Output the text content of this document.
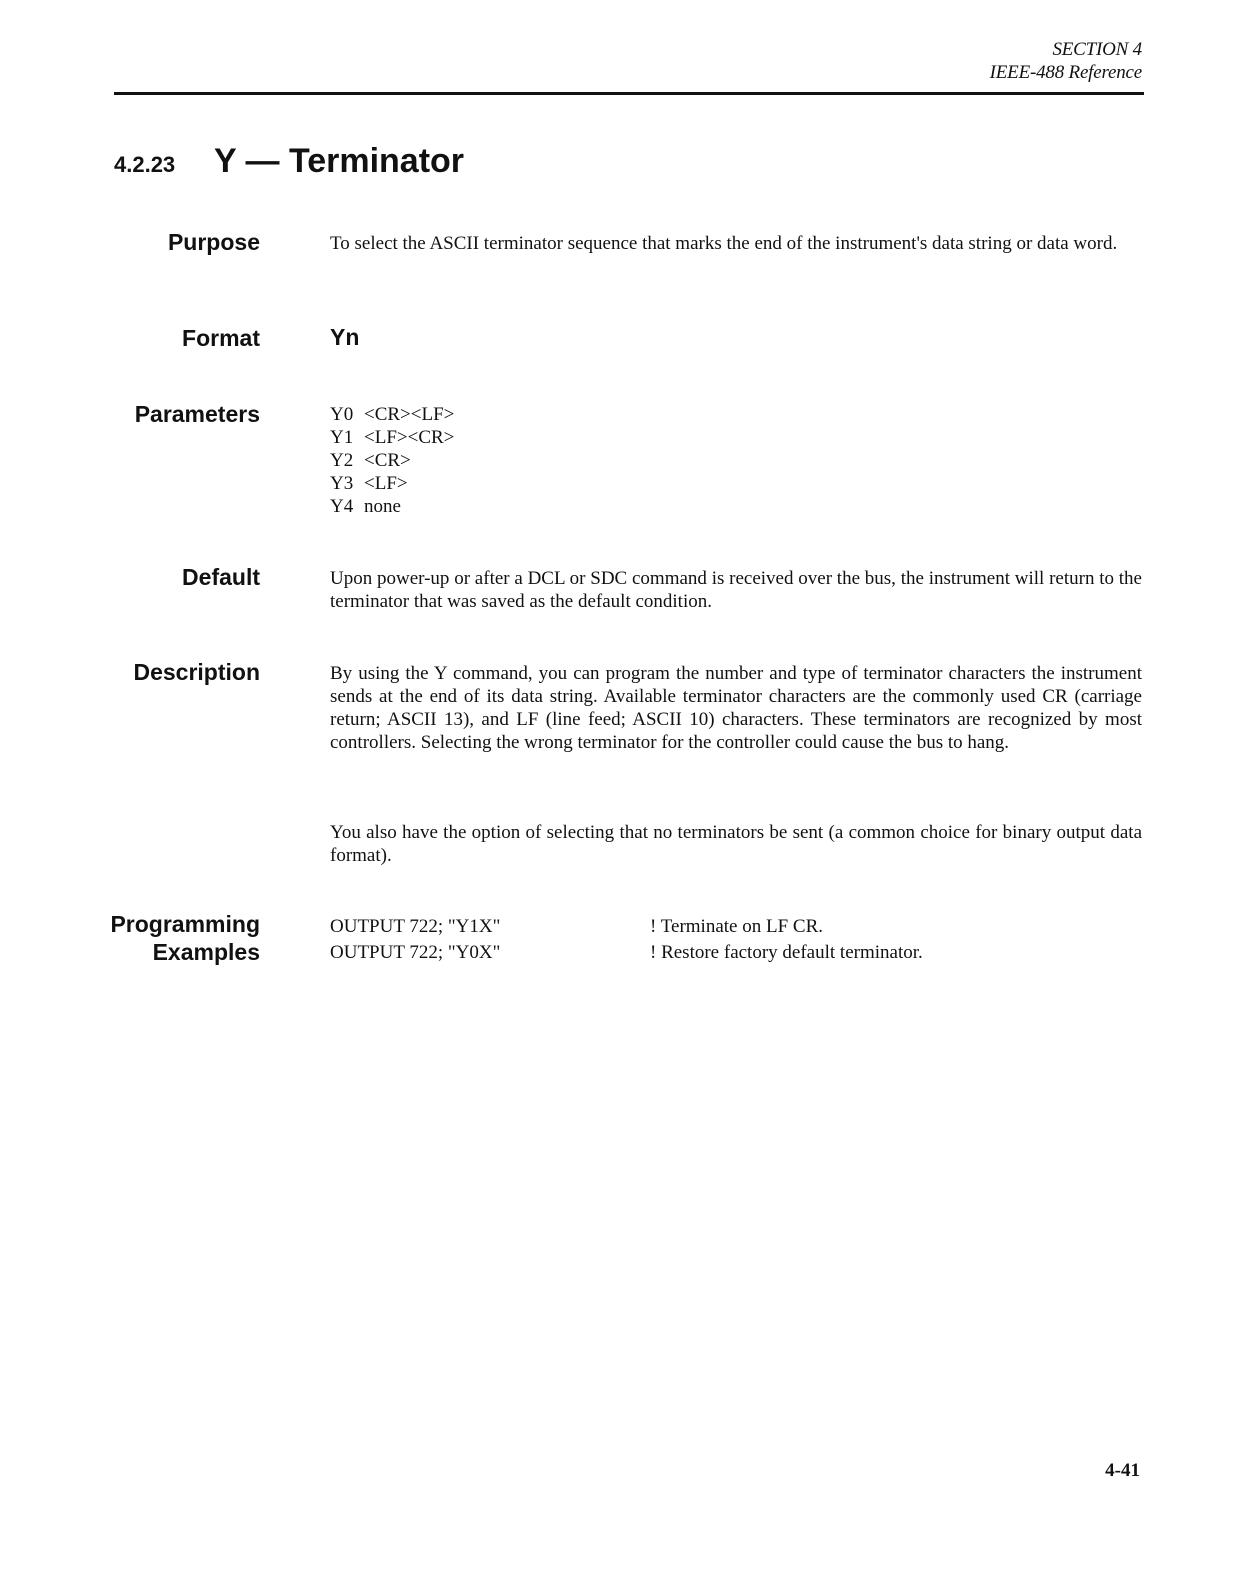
SECTION 4
IEEE-488 Reference
4.2.23 Y — Terminator
Purpose	To select the ASCII terminator sequence that marks the end of the instrument's data string or data word.
Format	Yn
Parameters	Y0 <CR><LF>
Y1 <LF><CR>
Y2 <CR>
Y3 <LF>
Y4 none
Default	Upon power-up or after a DCL or SDC command is received over the bus, the instrument will return to the terminator that was saved as the default condition.
Description	By using the Y command, you can program the number and type of terminator characters the instrument sends at the end of its data string. Available terminator characters are the commonly used CR (carriage return; ASCII 13), and LF (line feed; ASCII 10) characters. These terminators are recognized by most controllers. Selecting the wrong terminator for the controller could cause the bus to hang.
You also have the option of selecting that no terminators be sent (a common choice for binary output data format).
Programming
Examples
OUTPUT 722; "Y1X"	! Terminate on LF CR.
OUTPUT 722; "Y0X"	! Restore factory default terminator.
4-41
